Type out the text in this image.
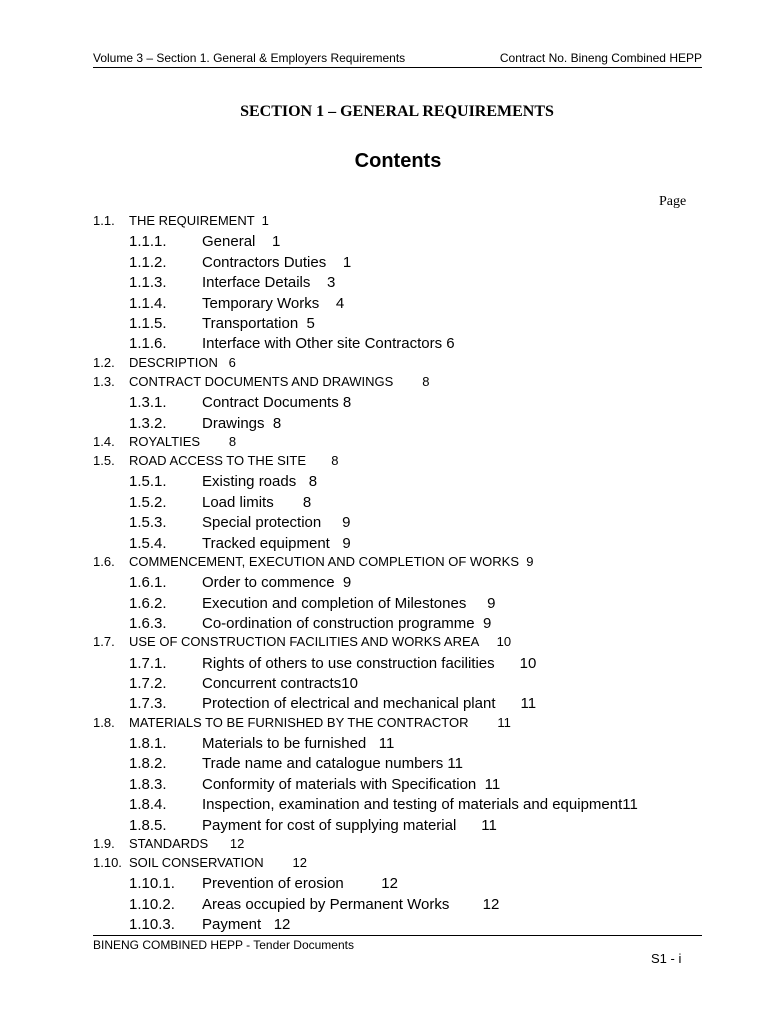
Volume 3 – Section 1. General & Employers Requirements	Contract No. Bineng Combined HEPP
SECTION 1 – GENERAL REQUIREMENTS
Contents
Page
1.1. THE REQUIREMENT  1
1.1.1. General    1
1.1.2. Contractors Duties    1
1.1.3. Interface Details    3
1.1.4. Temporary Works    4
1.1.5. Transportation  5
1.1.6. Interface with Other site Contractors 6
1.2. DESCRIPTION   6
1.3. CONTRACT DOCUMENTS AND DRAWINGS        8
1.3.1. Contract Documents 8
1.3.2. Drawings  8
1.4. ROYALTIES        8
1.5. ROAD ACCESS TO THE SITE       8
1.5.1. Existing roads   8
1.5.2. Load limits       8
1.5.3. Special protection     9
1.5.4. Tracked equipment   9
1.6. COMMENCEMENT, EXECUTION AND COMPLETION OF WORKS  9
1.6.1. Order to commence  9
1.6.2. Execution and completion of Milestones     9
1.6.3. Co-ordination of construction programme  9
1.7. USE OF CONSTRUCTION FACILITIES AND WORKS AREA     10
1.7.1. Rights of others to use construction facilities      10
1.7.2. Concurrent contracts10
1.7.3. Protection of electrical and mechanical plant      11
1.8. MATERIALS TO BE FURNISHED BY THE CONTRACTOR        11
1.8.1. Materials to be furnished   11
1.8.2. Trade name and catalogue numbers 11
1.8.3. Conformity of materials with Specification  11
1.8.4. Inspection, examination and testing of materials and equipment11
1.8.5. Payment for cost of supplying material      11
1.9. STANDARDS      12
1.10. SOIL CONSERVATION        12
1.10.1. Prevention of erosion         12
1.10.2. Areas occupied by Permanent Works        12
1.10.3. Payment   12
BINENG COMBINED HEPP - Tender Documents
S1 - i
